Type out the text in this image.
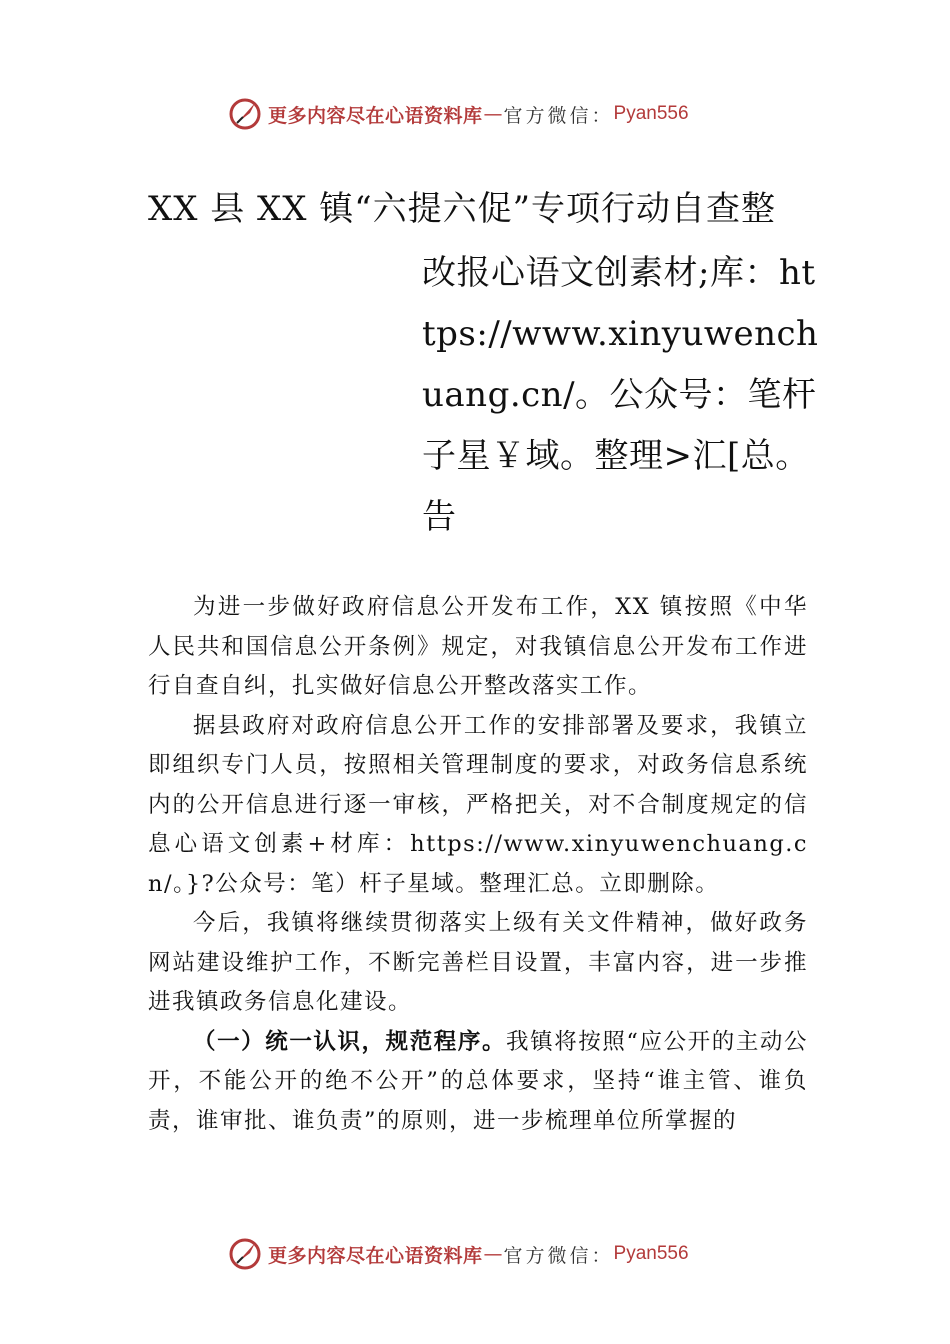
更多内容尽在心语资料库 — 官方微信： Pyan556
XX 县 XX 镇“六提六促”专项行动自查整
改报心语文创素材;库：https://www.xinyuwenchuang.cn/。公众号：笔杆子星￥域。整理>汇[总。告

为进一步做好政府信息公开发布工作，XX 镇按照《中华人民共和国信息公开条例》规定，对我镇信息公开发布工作进行自查自纠，扎实做好信息公开整改落实工作。

据县政府对政府信息公开工作的安排部署及要求，我镇立即组织专门人员，按照相关管理制度的要求，对政务信息系统内的公开信息进行逐一审核，严格把关，对不合制度规定的信息心语文创素+材库：https://www.xinyuwenchuang.cn/。}?公众号：笔）杆子星域。整理汇总。立即删除。

今后，我镇将继续贯彻落实上级有关文件精神，做好政务网站建设维护工作，不断完善栏目设置，丰富内容，进一步推进我镇政务信息化建设。

（一）统一认识，规范程序。我镇将按照“应公开的主动公开，不能公开的绝不公开”的总体要求，坚持“谁主管、谁负责，谁审批、谁负责”的原则，进一步梳理单位所掌握的

更多内容尽在心语资料库 — 官方微信： Pyan556
